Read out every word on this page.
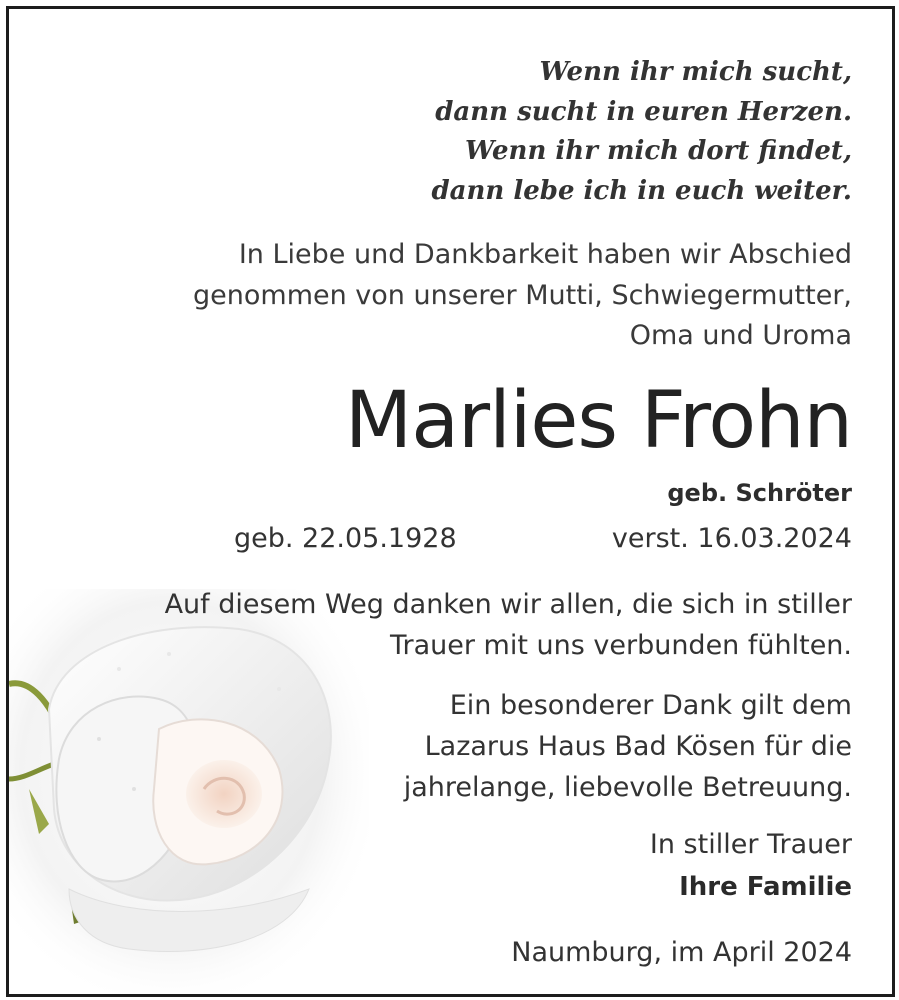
Wenn ihr mich sucht,
dann sucht in euren Herzen.
Wenn ihr mich dort findet,
dann lebe ich in euch weiter.
In Liebe und Dankbarkeit haben wir Abschied
genommen von unserer Mutti, Schwiegermutter,
Oma und Uroma
Marlies Frohn
geb. Schröter
geb. 22.05.1928	verst. 16.03.2024
Auf diesem Weg danken wir allen, die sich in stiller
Trauer mit uns verbunden fühlten.
Ein besonderer Dank gilt dem
Lazarus Haus Bad Kösen für die
jahrelange, liebevolle Betreuung.
In stiller Trauer
Ihre Familie
Naumburg, im April 2024
